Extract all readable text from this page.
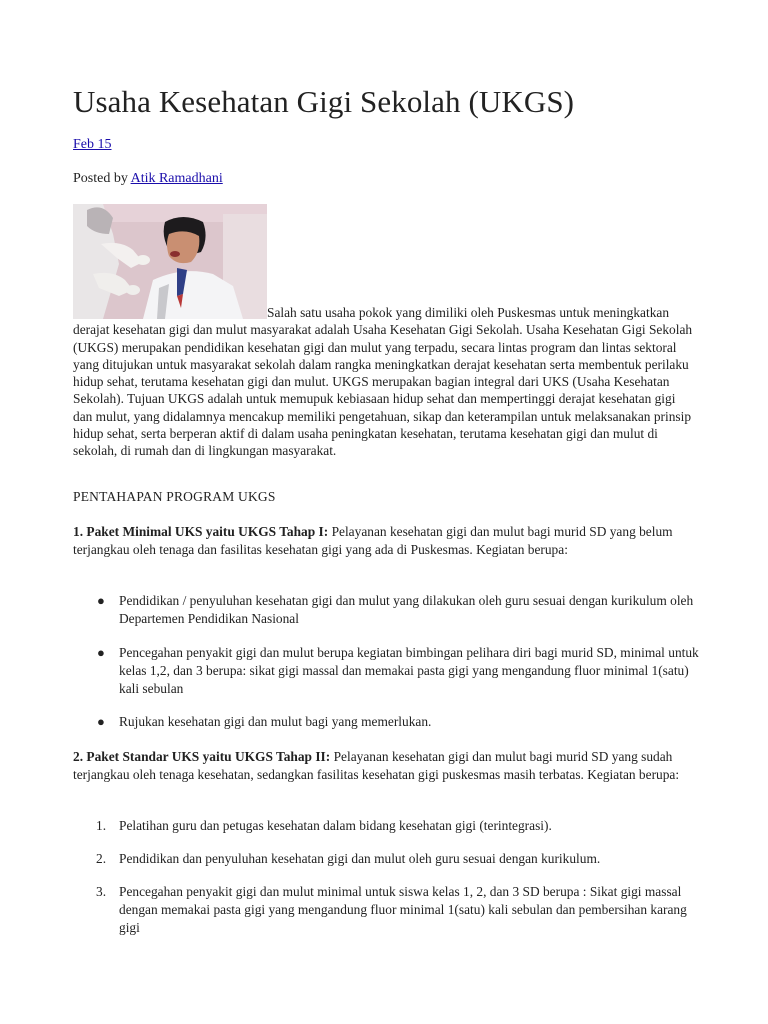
Usaha Kesehatan Gigi Sekolah (UKGS)
Feb 15
Posted by Atik Ramadhani

Salah satu usaha pokok yang dimiliki oleh Puskesmas untuk meningkatkan derajat kesehatan gigi dan mulut masyarakat adalah Usaha Kesehatan Gigi Sekolah. Usaha Kesehatan Gigi Sekolah (UKGS) merupakan pendidikan kesehatan gigi dan mulut yang terpadu, secara lintas program dan lintas sektoral yang ditujukan untuk masyarakat sekolah dalam rangka meningkatkan derajat kesehatan serta membentuk perilaku hidup sehat, terutama kesehatan gigi dan mulut. UKGS merupakan bagian integral dari UKS (Usaha Kesehatan Sekolah). Tujuan UKGS adalah untuk memupuk kebiasaan hidup sehat dan mempertinggi derajat kesehatan gigi dan mulut, yang didalamnya mencakup memiliki pengetahuan, sikap dan keterampilan untuk melaksanakan prinsip hidup sehat, serta berperan aktif di dalam usaha peningkatan kesehatan, terutama kesehatan gigi dan mulut di sekolah, di rumah dan di lingkungan masyarakat.

PENTAHAPAN PROGRAM UKGS

1. Paket Minimal UKS yaitu UKGS Tahap I: Pelayanan kesehatan gigi dan mulut bagi murid SD yang belum terjangkau oleh tenaga dan fasilitas kesehatan gigi yang ada di Puskesmas. Kegiatan berupa:

● Pendidikan / penyuluhan kesehatan gigi dan mulut yang dilakukan oleh guru sesuai dengan kurikulum oleh Departemen Pendidikan Nasional
● Pencegahan penyakit gigi dan mulut berupa kegiatan bimbingan pelihara diri bagi murid SD, minimal untuk kelas 1,2, dan 3 berupa: sikat gigi massal dan memakai pasta gigi yang mengandung fluor minimal 1(satu) kali sebulan
● Rujukan kesehatan gigi dan mulut bagi yang memerlukan.

2. Paket Standar UKS yaitu UKGS Tahap II: Pelayanan kesehatan gigi dan mulut bagi murid SD yang sudah terjangkau oleh tenaga kesehatan, sedangkan fasilitas kesehatan gigi puskesmas masih terbatas. Kegiatan berupa:

1. Pelatihan guru dan petugas kesehatan dalam bidang kesehatan gigi (terintegrasi).
2. Pendidikan dan penyuluhan kesehatan gigi dan mulut oleh guru sesuai dengan kurikulum.
3. Pencegahan penyakit gigi dan mulut minimal untuk siswa kelas 1, 2, dan 3 SD berupa : Sikat gigi massal dengan memakai pasta gigi yang mengandung fluor minimal 1(satu) kali sebulan dan pembersihan karang gigi
